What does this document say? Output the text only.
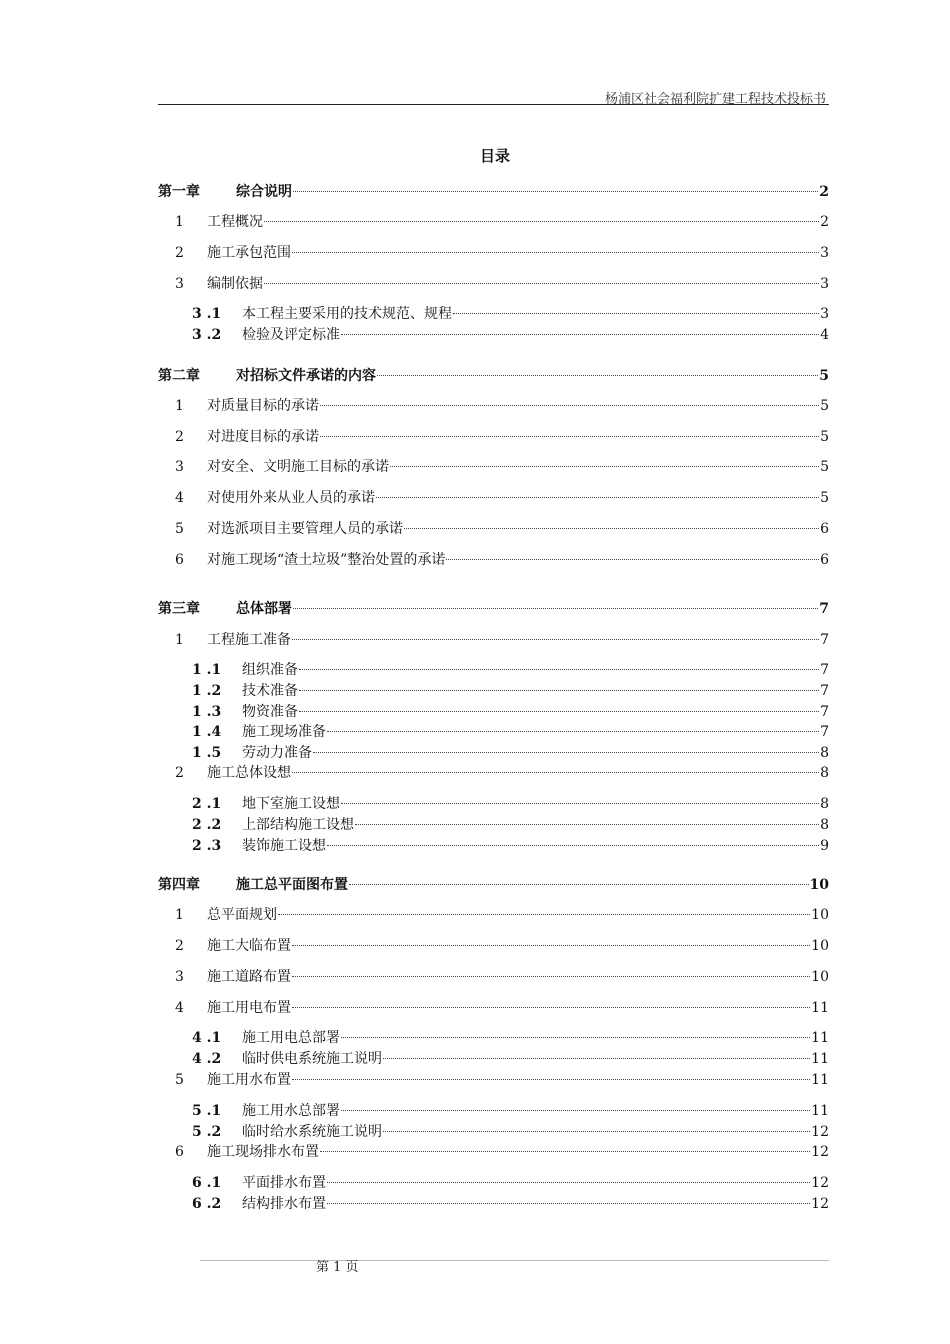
杨浦区社会福利院扩建工程技术投标书
目录
第一章	综合说明	2
1	工程概况	2
2	施工承包范围	3
3	编制依据	3
3 .1	本工程主要采用的技术规范、规程	3
3 .2	检验及评定标准	4
第二章	对招标文件承诺的内容	5
1	对质量目标的承诺	5
2	对进度目标的承诺	5
3	对安全、文明施工目标的承诺	5
4	对使用外来从业人员的承诺	5
5	对选派项目主要管理人员的承诺	6
6	对施工现场“渣土垃圾”整治处置的承诺	6
第三章	总体部署	7
1	工程施工准备	7
1 .1	组织准备	7
1 .2	技术准备	7
1 .3	物资准备	7
1 .4	施工现场准备	7
1 .5	劳动力准备	8
2	施工总体设想	8
2 .1	地下室施工设想	8
2 .2	上部结构施工设想	8
2 .3	装饰施工设想	9
第四章	施工总平面图布置	10
1	总平面规划	10
2	施工大临布置	10
3	施工道路布置	10
4	施工用电布置	11
4 .1	施工用电总部署	11
4 .2	临时供电系统施工说明	11
5	施工用水布置	11
5 .1	施工用水总部署	11
5 .2	临时给水系统施工说明	12
6	施工现场排水布置	12
6 .1	平面排水布置	12
6 .2	结构排水布置	12
第 1 页
